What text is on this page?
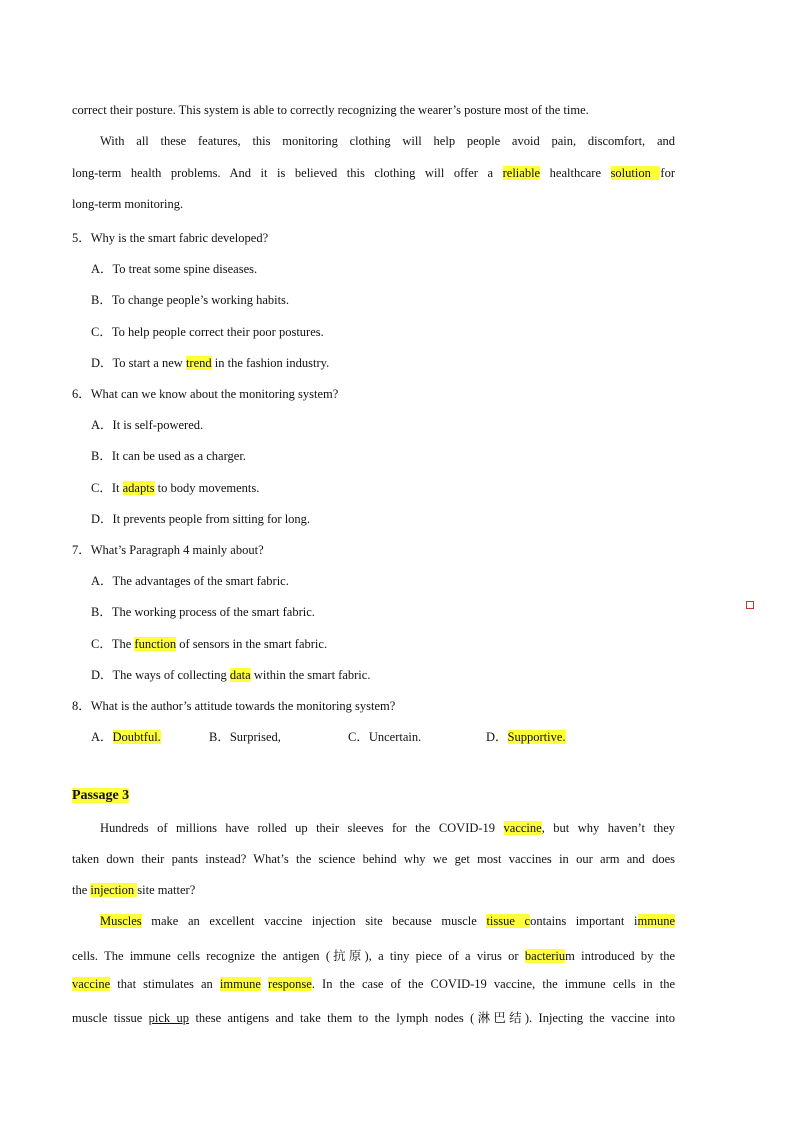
correct their posture. This system is able to correctly recognizing the wearer’s posture most of the time.
With all these features, this monitoring clothing will help people avoid pain, discomfort, and
long-term health problems. And it is believed this clothing will offer a reliable healthcare solution for
long-term monitoring.
5．Why is the smart fabric developed?
A．To treat some spine diseases.
B．To change people’s working habits.
C．To help people correct their poor postures.
D．To start a new trend in the fashion industry.
6．What can we know about the monitoring system?
A．It is self-powered.
B．It can be used as a charger.
C．It adapts to body movements.
D．It prevents people from sitting for long.
7．What’s Paragraph 4 mainly about?
A．The advantages of the smart fabric.
B．The working process of the smart fabric.
C．The function of sensors in the smart fabric.
D．The ways of collecting data within the smart fabric.
8．What is the author’s attitude towards the monitoring system?
A．Doubtful.	B．Surprised,	C．Uncertain.	D．Supportive.
Passage 3
Hundreds of millions have rolled up their sleeves for the COVID-19 vaccine, but why haven’t they
taken down their pants instead? What’s the science behind why we get most vaccines in our arm and does
the injection site matter?
Muscles make an excellent vaccine injection site because muscle tissue contains important immune
cells. The immune cells recognize the antigen (抗原), a tiny piece of a virus or bacterium introduced by the
vaccine that stimulates an immune response. In the case of the COVID-19 vaccine, the immune cells in the
muscle tissue pick up these antigens and take them to the lymph nodes (淋巴结). Injecting the vaccine into
